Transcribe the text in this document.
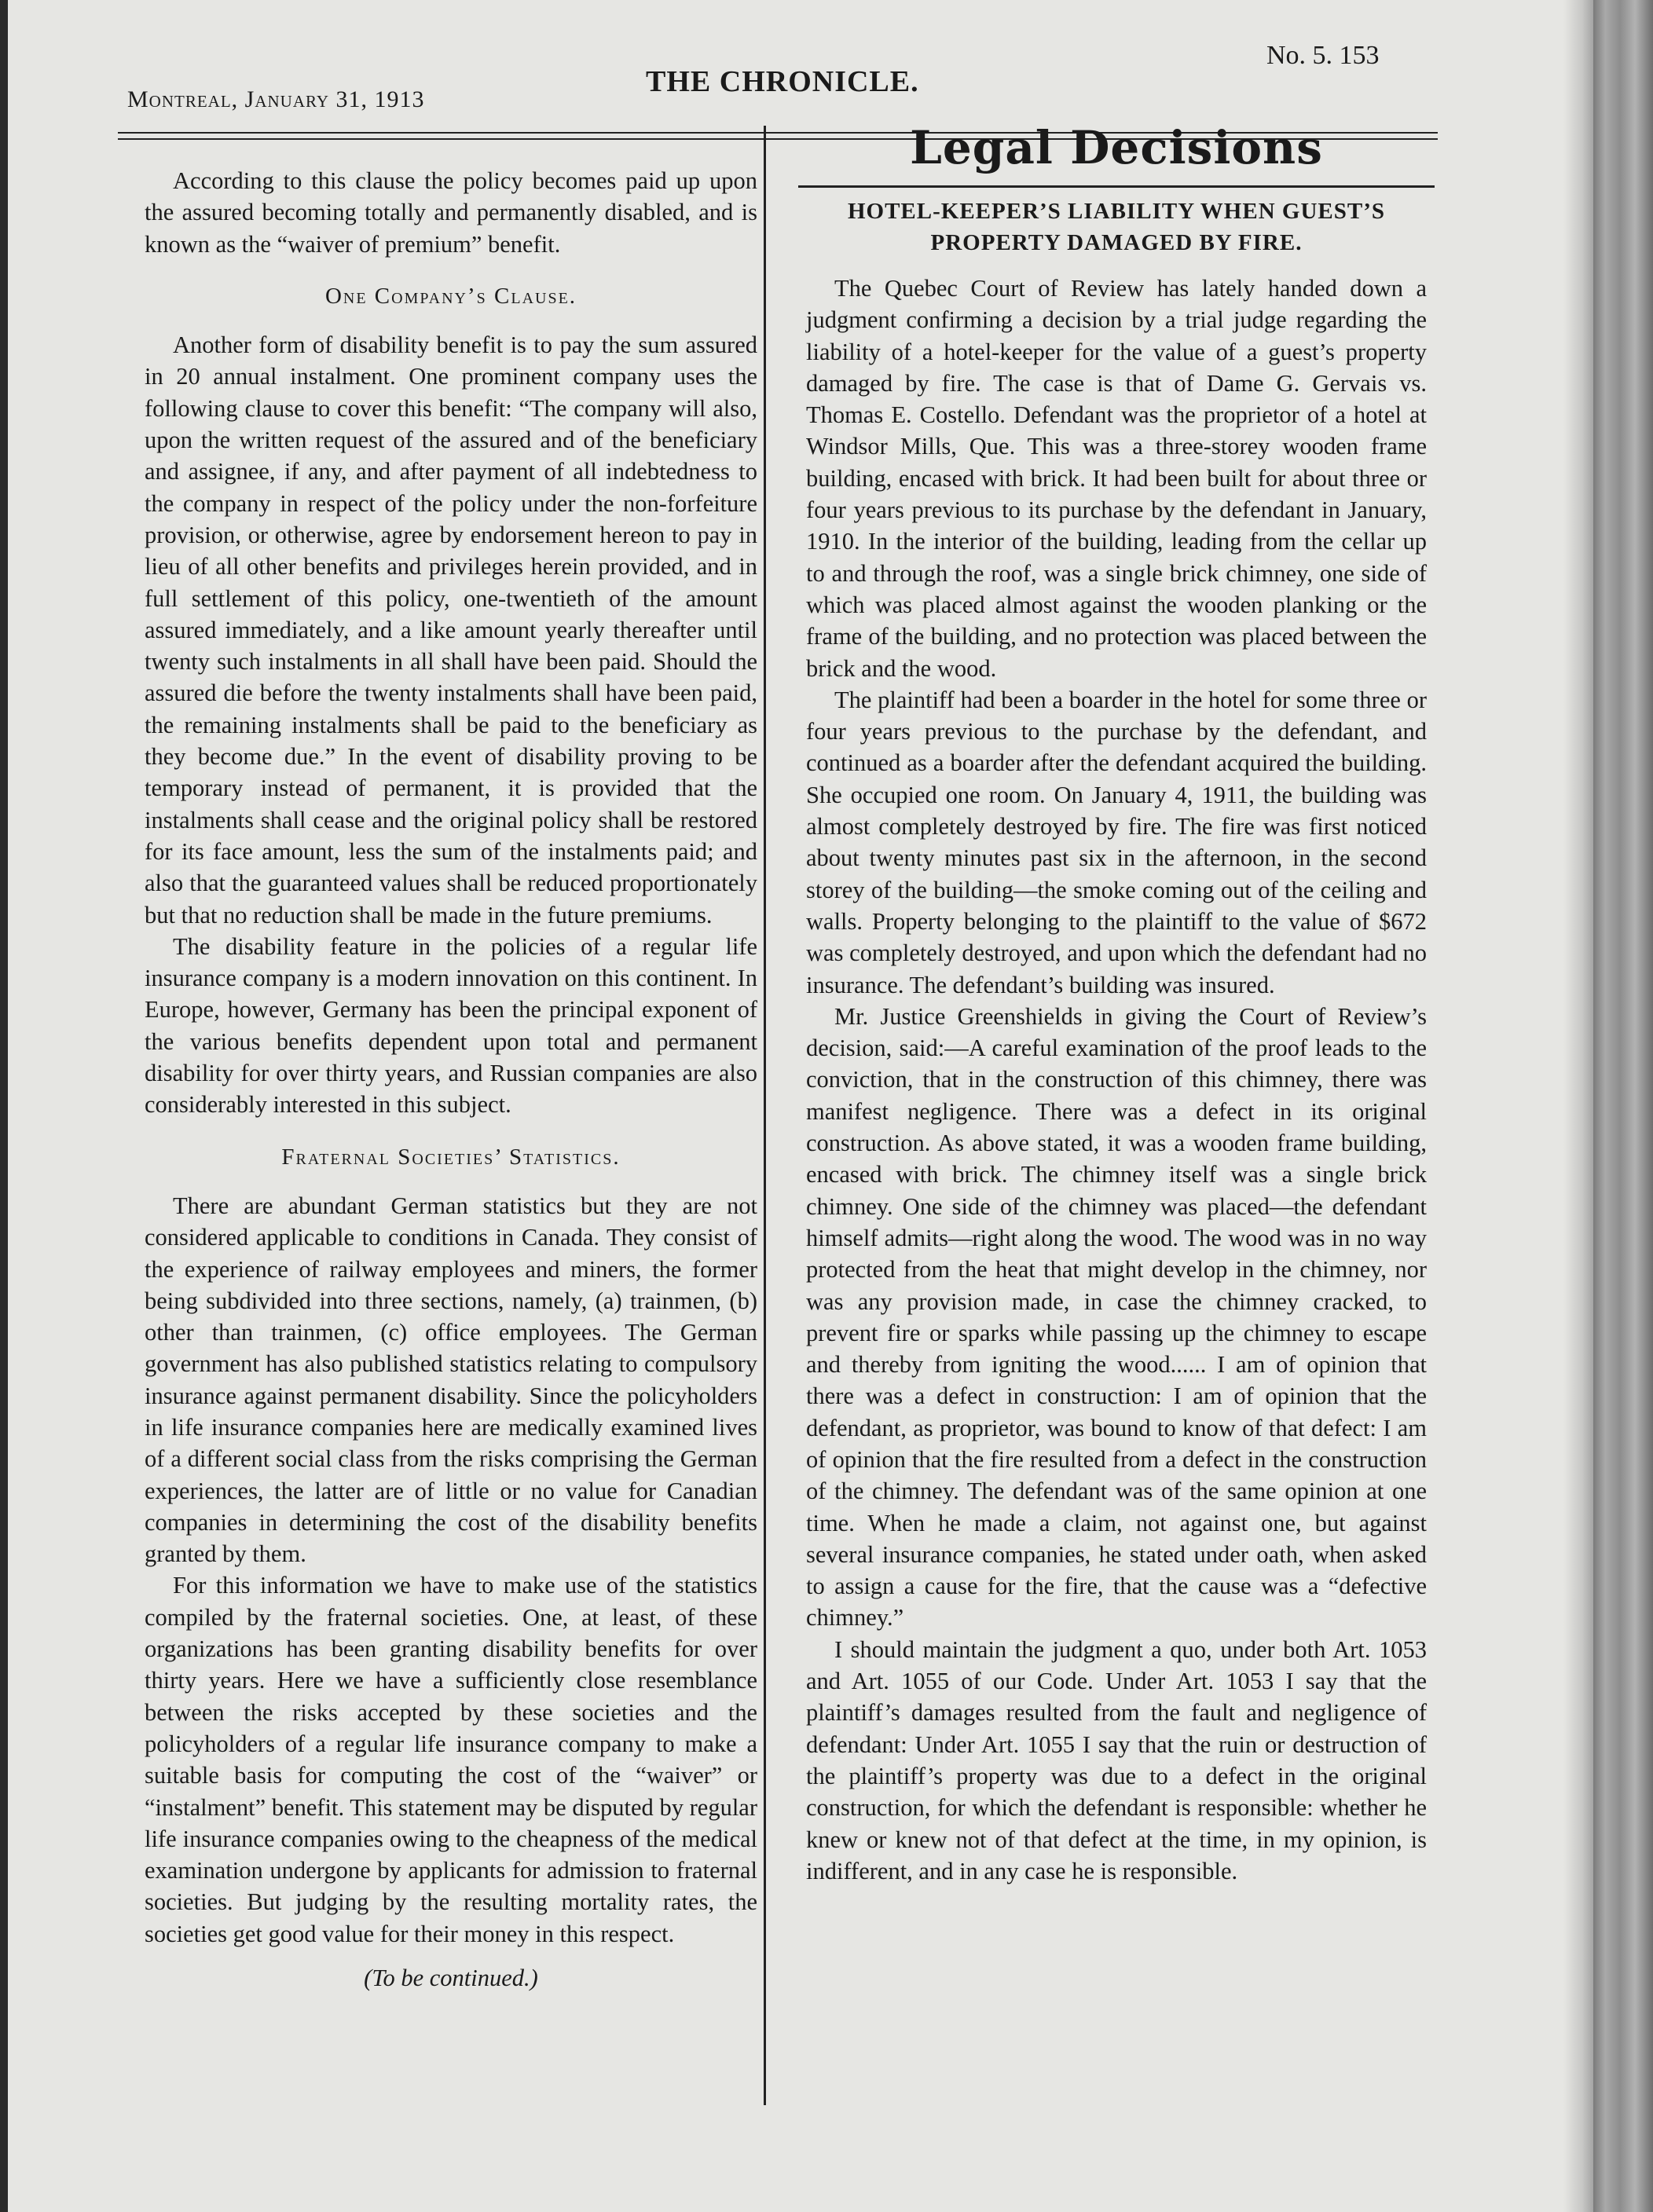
Montreal, January 31, 1913
THE CHRONICLE.
No. 5. 153

According to this clause the policy becomes paid up upon the assured becoming totally and permanently disabled, and is known as the “waiver of premium” benefit.

One Company’s Clause.

Another form of disability benefit is to pay the sum assured in 20 annual instalment. One prominent company uses the following clause to cover this benefit: “The company will also, upon the written request of the assured and of the beneficiary and assignee, if any, and after payment of all indebtedness to the company in respect of the policy under the non-forfeiture provision, or otherwise, agree by endorsement hereon to pay in lieu of all other benefits and privileges herein provided, and in full settlement of this policy, one-twentieth of the amount assured immediately, and a like amount yearly thereafter until twenty such instalments in all shall have been paid. Should the assured die before the twenty instalments shall have been paid, the remaining instalments shall be paid to the beneficiary as they become due.” In the event of disability proving to be temporary instead of permanent, it is provided that the instalments shall cease and the original policy shall be restored for its face amount, less the sum of the instalments paid; and also that the guaranteed values shall be reduced proportionately but that no reduction shall be made in the future premiums.

The disability feature in the policies of a regular life insurance company is a modern innovation on this continent. In Europe, however, Germany has been the principal exponent of the various benefits dependent upon total and permanent disability for over thirty years, and Russian companies are also considerably interested in this subject.

Fraternal Societies’ Statistics.

There are abundant German statistics but they are not considered applicable to conditions in Canada. They consist of the experience of railway employees and miners, the former being subdivided into three sections, namely, (a) trainmen, (b) other than trainmen, (c) office employees. The German government has also published statistics relating to compulsory insurance against permanent disability. Since the policyholders in life insurance companies here are medically examined lives of a different social class from the risks comprising the German experiences, the latter are of little or no value for Canadian companies in determining the cost of the disability benefits granted by them.

For this information we have to make use of the statistics compiled by the fraternal societies. One, at least, of these organizations has been granting disability benefits for over thirty years. Here we have a sufficiently close resemblance between the risks accepted by these societies and the policyholders of a regular life insurance company to make a suitable basis for computing the cost of the “waiver” or “instalment” benefit. This statement may be disputed by regular life insurance companies owing to the cheapness of the medical examination undergone by applicants for admission to fraternal societies. But judging by the resulting mortality rates, the societies get good value for their money in this respect.

(To be continued.)
Legal Decisions
HOTEL-KEEPER’S LIABILITY WHEN GUEST’S PROPERTY DAMAGED BY FIRE.

The Quebec Court of Review has lately handed down a judgment confirming a decision by a trial judge regarding the liability of a hotel-keeper for the value of a guest’s property damaged by fire. The case is that of Dame G. Gervais vs. Thomas E. Costello. Defendant was the proprietor of a hotel at Windsor Mills, Que. This was a three-storey wooden frame building, encased with brick. It had been built for about three or four years previous to its purchase by the defendant in January, 1910. In the interior of the building, leading from the cellar up to and through the roof, was a single brick chimney, one side of which was placed almost against the wooden planking or the frame of the building, and no protection was placed between the brick and the wood.

The plaintiff had been a boarder in the hotel for some three or four years previous to the purchase by the defendant, and continued as a boarder after the defendant acquired the building. She occupied one room. On January 4, 1911, the building was almost completely destroyed by fire. The fire was first noticed about twenty minutes past six in the afternoon, in the second storey of the building—the smoke coming out of the ceiling and walls. Property belonging to the plaintiff to the value of $672 was completely destroyed, and upon which the defendant had no insurance. The defendant’s building was insured.

Mr. Justice Greenshields in giving the Court of Review’s decision, said:—A careful examination of the proof leads to the conviction, that in the construction of this chimney, there was manifest negligence. There was a defect in its original construction. As above stated, it was a wooden frame building, encased with brick. The chimney itself was a single brick chimney. One side of the chimney was placed—the defendant himself admits—right along the wood. The wood was in no way protected from the heat that might develop in the chimney, nor was any provision made, in case the chimney cracked, to prevent fire or sparks while passing up the chimney to escape and thereby from igniting the wood...... I am of opinion that there was a defect in construction: I am of opinion that the defendant, as proprietor, was bound to know of that defect: I am of opinion that the fire resulted from a defect in the construction of the chimney. The defendant was of the same opinion at one time. When he made a claim, not against one, but against several insurance companies, he stated under oath, when asked to assign a cause for the fire, that the cause was a “defective chimney.”

I should maintain the judgment a quo, under both Art. 1053 and Art. 1055 of our Code. Under Art. 1053 I say that the plaintiff’s damages resulted from the fault and negligence of defendant: Under Art. 1055 I say that the ruin or destruction of the plaintiff’s property was due to a defect in the original construction, for which the defendant is responsible: whether he knew or knew not of that defect at the time, in my opinion, is indifferent, and in any case he is responsible.
